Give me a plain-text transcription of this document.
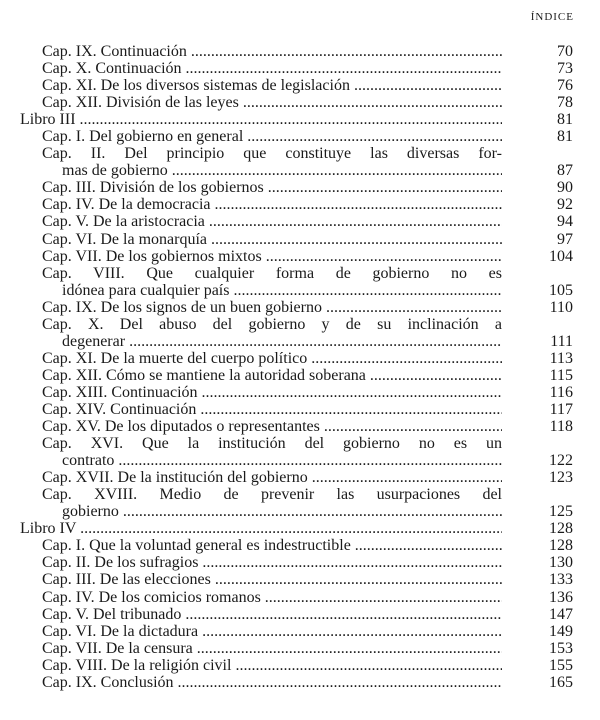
ÍNDICE
Cap. IX. Continuación .....	70
Cap. X. Continuación .....	73
Cap. XI. De los diversos sistemas de legislación .....	76
Cap. XII. División de las leyes .....	78
Libro III .....	81
Cap. I. Del gobierno en general .....	81
Cap. II. Del principio que constituye las diversas for-
mas de gobierno .....	87
Cap. III. División de los gobiernos .....	90
Cap. IV. De la democracia .....	92
Cap. V. De la aristocracia .....	94
Cap. VI. De la monarquía .....	97
Cap. VII. De los gobiernos mixtos .....	104
Cap. VIII. Que cualquier forma de gobierno no es
idónea para cualquier país .....	105
Cap. IX. De los signos de un buen gobierno .....	110
Cap. X. Del abuso del gobierno y de su inclinación a
degenerar .....	111
Cap. XI. De la muerte del cuerpo político .....	113
Cap. XII. Cómo se mantiene la autoridad soberana .....	115
Cap. XIII. Continuación .....	116
Cap. XIV. Continuación .....	117
Cap. XV. De los diputados o representantes .....	118
Cap. XVI. Que la institución del gobierno no es un
contrato .....	122
Cap. XVII. De la institución del gobierno .....	123
Cap. XVIII. Medio de prevenir las usurpaciones del
gobierno .....	125
Libro IV .....	128
Cap. I. Que la voluntad general es indestructible .....	128
Cap. II. De los sufragios .....	130
Cap. III. De las elecciones .....	133
Cap. IV. De los comicios romanos .....	136
Cap. V. Del tribunado .....	147
Cap. VI. De la dictadura .....	149
Cap. VII. De la censura .....	153
Cap. VIII. De la religión civil .....	155
Cap. IX. Conclusión .....	165
